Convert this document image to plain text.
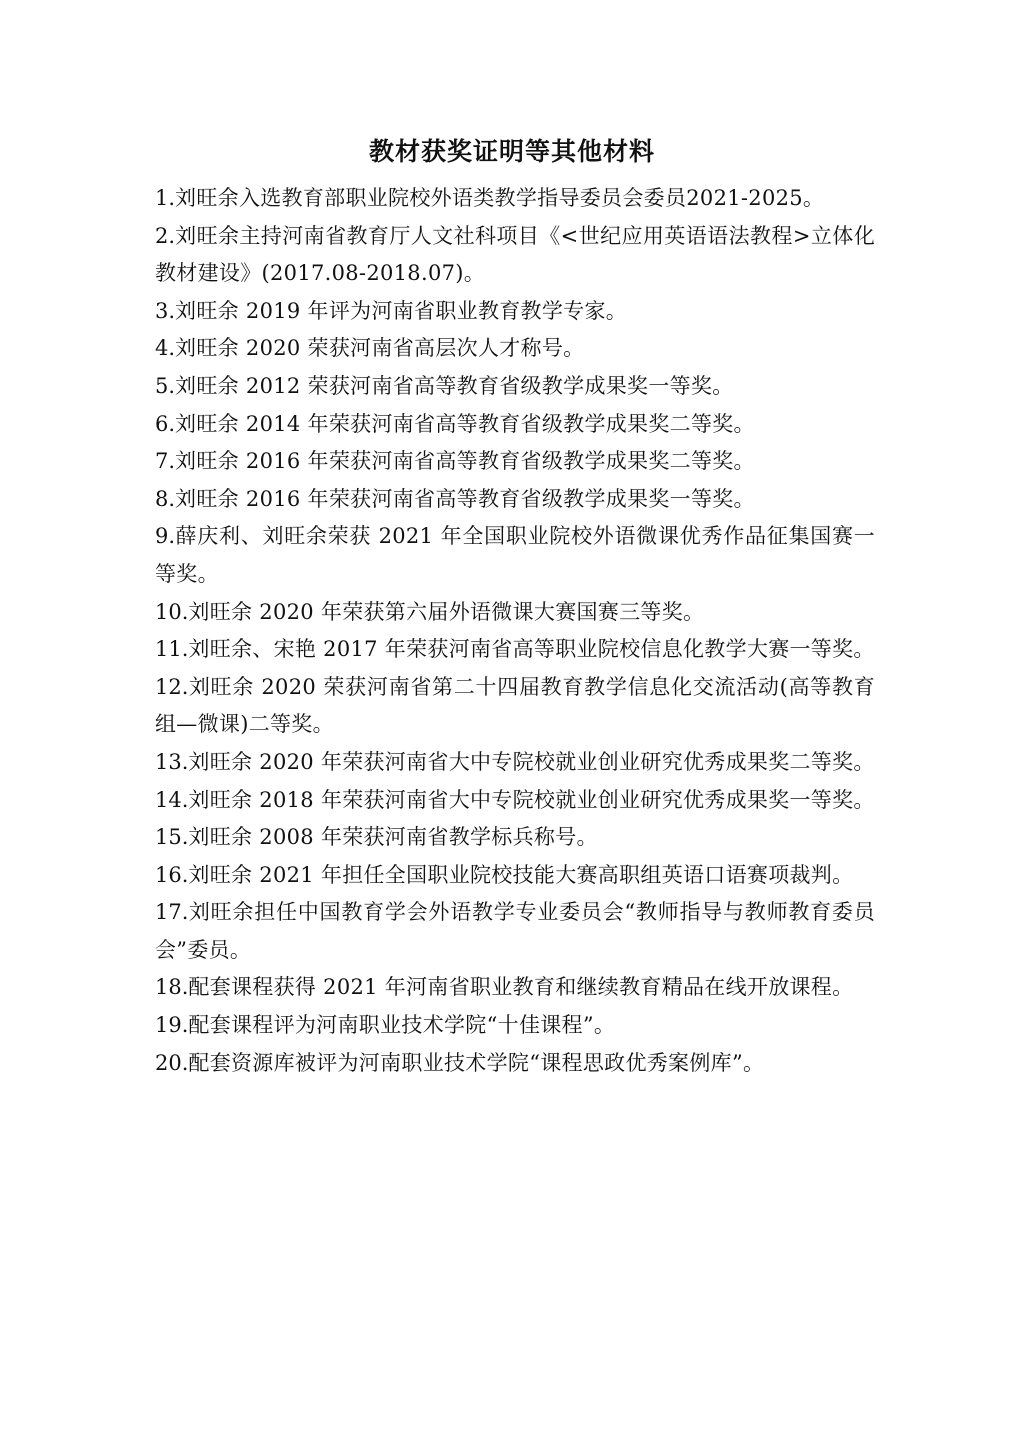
教材获奖证明等其他材料
1.刘旺余入选教育部职业院校外语类教学指导委员会委员2021-2025。
2.刘旺余主持河南省教育厅人文社科项目《<世纪应用英语语法教程>立体化教材建设》(2017.08-2018.07)。
3.刘旺余 2019 年评为河南省职业教育教学专家。
4.刘旺余 2020 荣获河南省高层次人才称号。
5.刘旺余 2012 荣获河南省高等教育省级教学成果奖一等奖。
6.刘旺余 2014 年荣获河南省高等教育省级教学成果奖二等奖。
7.刘旺余 2016 年荣获河南省高等教育省级教学成果奖二等奖。
8.刘旺余 2016 年荣获河南省高等教育省级教学成果奖一等奖。
9.薛庆利、刘旺余荣获 2021 年全国职业院校外语微课优秀作品征集国赛一等奖。
10.刘旺余 2020 年荣获第六届外语微课大赛国赛三等奖。
11.刘旺余、宋艳 2017 年荣获河南省高等职业院校信息化教学大赛一等奖。
12.刘旺余 2020 荣获河南省第二十四届教育教学信息化交流活动(高等教育组—微课)二等奖。
13.刘旺余 2020 年荣获河南省大中专院校就业创业研究优秀成果奖二等奖。
14.刘旺余 2018 年荣获河南省大中专院校就业创业研究优秀成果奖一等奖。
15.刘旺余 2008 年荣获河南省教学标兵称号。
16.刘旺余 2021 年担任全国职业院校技能大赛高职组英语口语赛项裁判。
17.刘旺余担任中国教育学会外语教学专业委员会“教师指导与教师教育委员会”委员。
18.配套课程获得 2021 年河南省职业教育和继续教育精品在线开放课程。
19.配套课程评为河南职业技术学院“十佳课程”。
20.配套资源库被评为河南职业技术学院“课程思政优秀案例库”。
